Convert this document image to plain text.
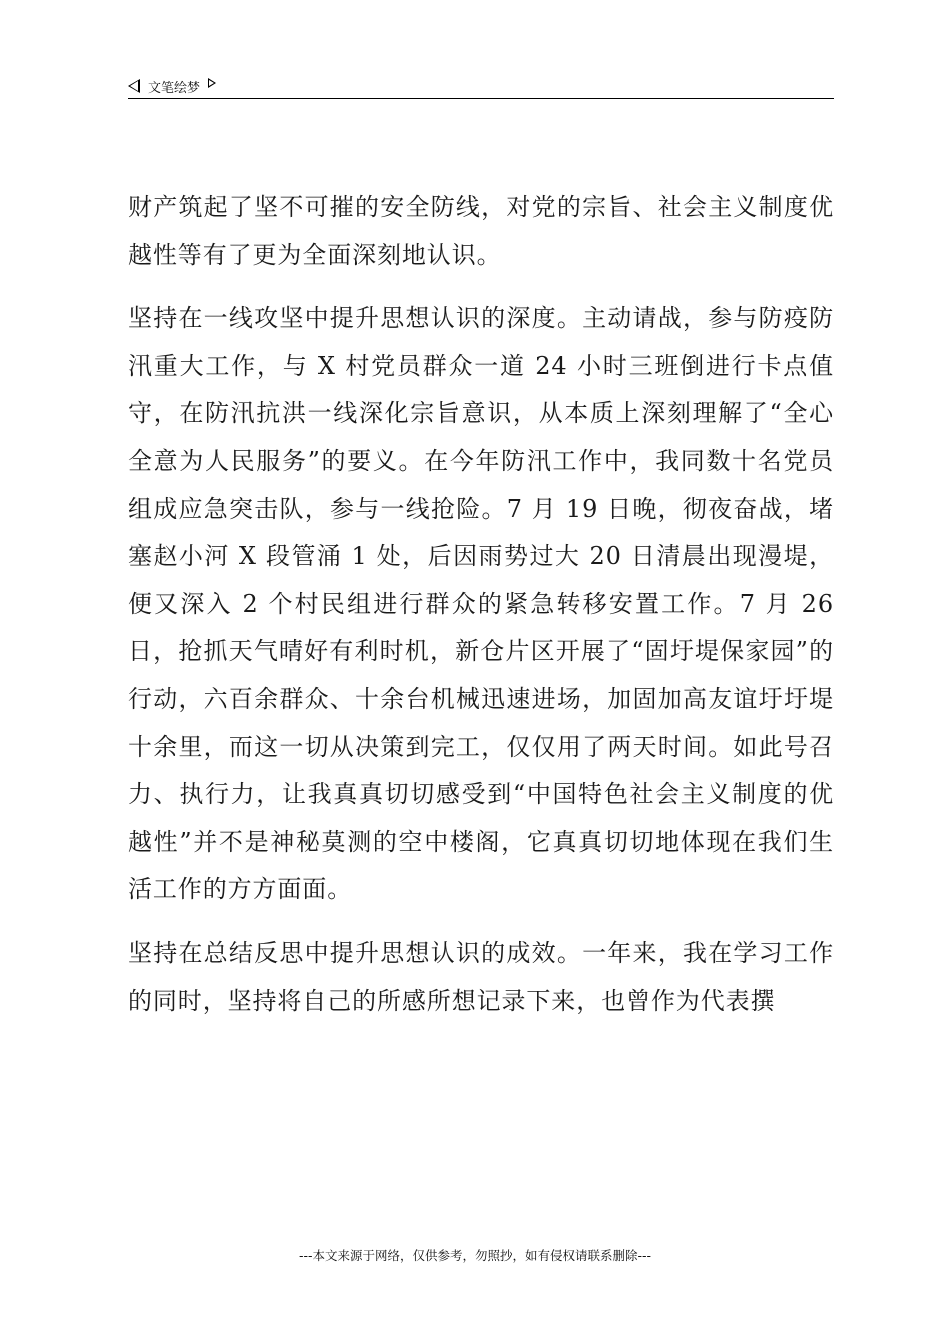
文笔绘梦

财产筑起了坚不可摧的安全防线，对党的宗旨、社会主义制度优越性等有了更为全面深刻地认识。

坚持在一线攻坚中提升思想认识的深度。主动请战，参与防疫防汛重大工作，与 X 村党员群众一道 24 小时三班倒进行卡点值守，在防汛抗洪一线深化宗旨意识，从本质上深刻理解了“全心全意为人民服务”的要义。在今年防汛工作中，我同数十名党员组成应急突击队，参与一线抢险。7 月 19 日晚，彻夜奋战，堵塞赵小河 X 段管涌 1 处，后因雨势过大 20 日清晨出现漫堤，便又深入 2 个村民组进行群众的紧急转移安置工作。7 月 26 日，抢抓天气晴好有利时机，新仓片区开展了“固圩堤保家园”的行动，六百余群众、十余台机械迅速进场，加固加高友谊圩圩堤十余里，而这一切从决策到完工，仅仅用了两天时间。如此号召力、执行力，让我真真切切感受到“中国特色社会主义制度的优越性”并不是神秘莫测的空中楼阁，它真真切切地体现在我们生活工作的方方面面。

坚持在总结反思中提升思想认识的成效。一年来，我在学习工作的同时，坚持将自己的所感所想记录下来，也曾作为代表撰

---本文来源于网络，仅供参考，勿照抄，如有侵权请联系删除---
